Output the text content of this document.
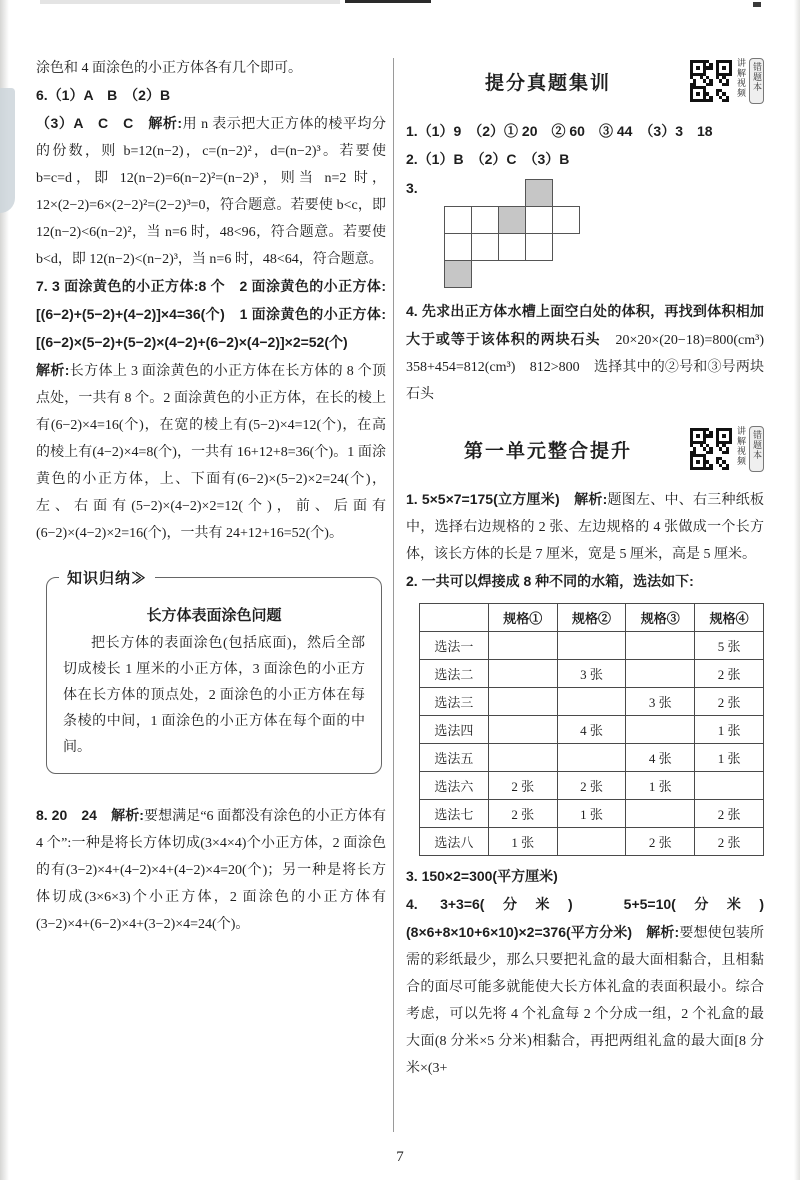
涂色和 4 面涂色的小正方体各有几个即可。

6.（1）A　B　（2）B

（3）A　C　C　解析:用 n 表示把大正方体的棱平均分的份数，则 b=12(n−2)，c=(n−2)²，d=(n−2)³。若要使 b=c=d，即 12(n−2)=6(n−2)²=(n−2)³，则当 n=2 时，12×(2−2)=6×(2−2)²=(2−2)³=0，符合题意。若要使 b<c，即 12(n−2)<6(n−2)²，当 n=6 时，48<96，符合题意。若要使 b<d，即 12(n−2)<(n−2)³，当 n=6 时，48<64，符合题意。

7. 3 面涂黄色的小正方体:8 个　2 面涂黄色的小正方体:[(6−2)+(5−2)+(4−2)]×4=36(个)　1 面涂黄色的小正方体:[(6−2)×(5−2)+(5−2)×(4−2)+(6−2)×(4−2)]×2=52(个)

解析:长方体上 3 面涂黄色的小正方体在长方体的 8 个顶点处，一共有 8 个。2 面涂黄色的小正方体，在长的棱上有(6−2)×4=16(个)，在宽的棱上有(5−2)×4=12(个)，在高的棱上有(4−2)×4=8(个)，一共有 16+12+8=36(个)。1 面涂黄色的小正方体，上、下面有(6−2)×(5−2)×2=24(个)，左、右面有(5−2)×(4−2)×2=12(个)，前、后面有(6−2)×(4−2)×2=16(个)，一共有 24+12+16=52(个)。

知识归纳≫
长方体表面涂色问题

把长方体的表面涂色(包括底面)，然后全部切成棱长 1 厘米的小正方体，3 面涂色的小正方体在长方体的顶点处，2 面涂色的小正方体在每条棱的中间，1 面涂色的小正方体在每个面的中间。

8. 20　24　解析:要想满足“6 面都没有涂色的小正方体有 4 个”:一种是将长方体切成(3×4×4)个小正方体，2 面涂色的有(3−2)×4+(4−2)×4+(4−2)×4=20(个)；另一种是将长方体切成(3×6×3)个小正方体，2 面涂色的小正方体有(3−2)×4+(6−2)×4+(3−2)×4=24(个)。

提分真题集训	讲解视频 错题本

1.（1）9　（2）① 20　② 60　③ 44　（3）3　18

2.（1）B　（2）C　（3）B

3.

4. 先求出正方体水槽上面空白处的体积，再找到体积相加大于或等于该体积的两块石头　20×20×(20−18)=800(cm³)　358+454=812(cm³)　812>800　选择其中的②号和③号两块石头

第一单元整合提升	讲解视频 错题本

1. 5×5×7=175(立方厘米)　解析:题图左、中、右三种纸板中，选择右边规格的 2 张、左边规格的 4 张做成一个长方体，该长方体的长是 7 厘米，宽是 5 厘米，高是 5 厘米。

2. 一共可以焊接成 8 种不同的水箱，选法如下:

	规格①	规格②	规格③	规格④
选法一				5 张
选法二		3 张		2 张
选法三			3 张	2 张
选法四		4 张		1 张
选法五			4 张	1 张
选法六	2 张	2 张	1 张	
选法七	2 张	1 张		2 张
选法八	1 张		2 张	2 张

3. 150×2=300(平方厘米)

4. 3+3=6(分米)　5+5=10(分米)　(8×6+8×10+6×10)×2=376(平方分米)　解析:要想使包装所需的彩纸最少，那么只要把礼盒的最大面相黏合，且相黏合的面尽可能多就能使大长方体礼盒的表面积最小。综合考虑，可以先将 4 个礼盒每 2 个分成一组，2 个礼盒的最大面(8 分米×5 分米)相黏合，再把两组礼盒的最大面[8 分米×(3+

7
